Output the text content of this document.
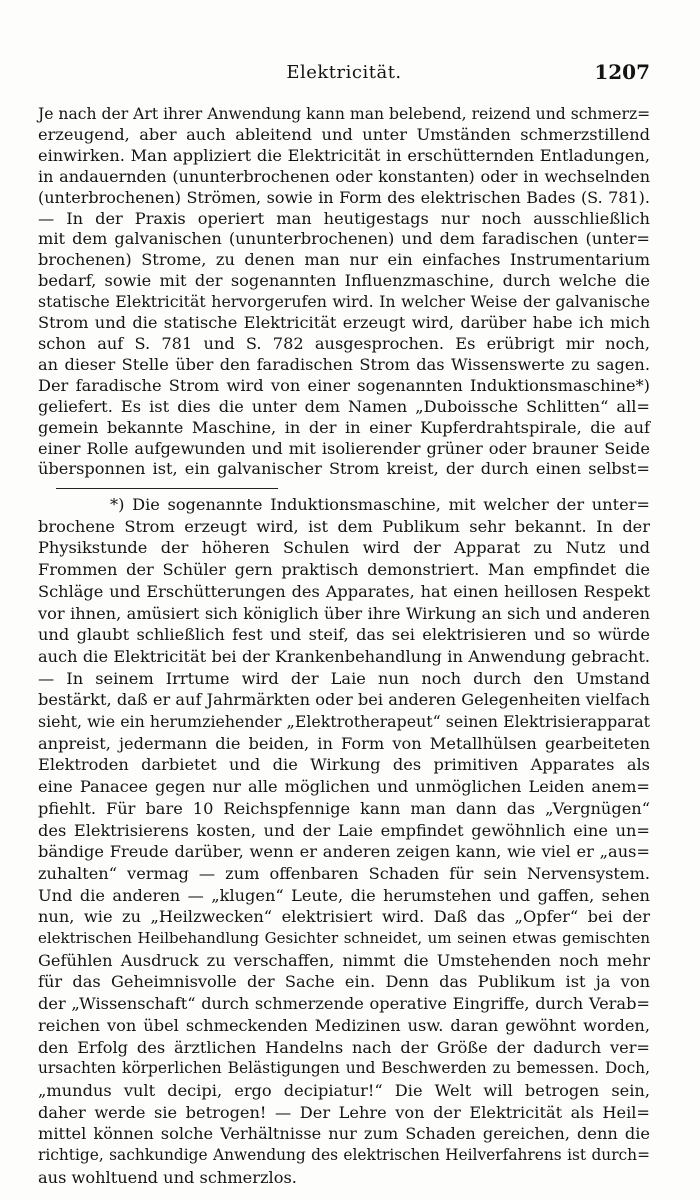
Elektricität.	1207
Je nach der Art ihrer Anwendung kann man belebend, reizend und schmerz=
erzeugend, aber auch ableitend und unter Umständen schmerzstillend
einwirken. Man appliziert die Elektricität in erschütternden Entladungen,
in andauernden (ununterbrochenen oder konstanten) oder in wechselnden
(unterbrochenen) Strömen, sowie in Form des elektrischen Bades (S. 781).
— In der Praxis operiert man heutigestags nur noch ausschließlich
mit dem galvanischen (ununterbrochenen) und dem faradischen (unter=
brochenen) Strome, zu denen man nur ein einfaches Instrumentarium
bedarf, sowie mit der sogenannten Influenzmaschine, durch welche die
statische Elektricität hervorgerufen wird. In welcher Weise der galvanische
Strom und die statische Elektricität erzeugt wird, darüber habe ich mich
schon auf S. 781 und S. 782 ausgesprochen. Es erübrigt mir noch,
an dieser Stelle über den faradischen Strom das Wissenswerte zu sagen.
Der faradische Strom wird von einer sogenannten Induktionsmaschine*)
geliefert. Es ist dies die unter dem Namen „Duboissche Schlitten“ all=
gemein bekannte Maschine, in der in einer Kupferdrahtspirale, die auf
einer Rolle aufgewunden und mit isolierender grüner oder brauner Seide
übersponnen ist, ein galvanischer Strom kreist, der durch einen selbst=
*) Die sogenannte Induktionsmaschine, mit welcher der unter=
brochene Strom erzeugt wird, ist dem Publikum sehr bekannt. In der
Physikstunde der höheren Schulen wird der Apparat zu Nutz und
Frommen der Schüler gern praktisch demonstriert. Man empfindet die
Schläge und Erschütterungen des Apparates, hat einen heillosen Respekt
vor ihnen, amüsiert sich königlich über ihre Wirkung an sich und anderen
und glaubt schließlich fest und steif, das sei elektrisieren und so würde
auch die Elektricität bei der Krankenbehandlung in Anwendung gebracht.
— In seinem Irrtume wird der Laie nun noch durch den Umstand
bestärkt, daß er auf Jahrmärkten oder bei anderen Gelegenheiten vielfach
sieht, wie ein herumziehender „Elektrotherapeut“ seinen Elektrisierapparat
anpreist, jedermann die beiden, in Form von Metallhülsen gearbeiteten
Elektroden darbietet und die Wirkung des primitiven Apparates als
eine Panacee gegen nur alle möglichen und unmöglichen Leiden anem=
pfiehlt. Für bare 10 Reichspfennige kann man dann das „Vergnügen“
des Elektrisierens kosten, und der Laie empfindet gewöhnlich eine un=
bändige Freude darüber, wenn er anderen zeigen kann, wie viel er „aus=
zuhalten“ vermag — zum offenbaren Schaden für sein Nervensystem.
Und die anderen — „klugen“ Leute, die herumstehen und gaffen, sehen
nun, wie zu „Heilzwecken“ elektrisiert wird. Daß das „Opfer“ bei der
elektrischen Heilbehandlung Gesichter schneidet, um seinen etwas gemischten
Gefühlen Ausdruck zu verschaffen, nimmt die Umstehenden noch mehr
für das Geheimnisvolle der Sache ein. Denn das Publikum ist ja von
der „Wissenschaft“ durch schmerzende operative Eingriffe, durch Verab=
reichen von übel schmeckenden Medizinen usw. daran gewöhnt worden,
den Erfolg des ärztlichen Handelns nach der Größe der dadurch ver=
ursachten körperlichen Belästigungen und Beschwerden zu bemessen. Doch,
„mundus vult decipi, ergo decipiatur!“ Die Welt will betrogen sein,
daher werde sie betrogen! — Der Lehre von der Elektricität als Heil=
mittel können solche Verhältnisse nur zum Schaden gereichen, denn die
richtige, sachkundige Anwendung des elektrischen Heilverfahrens ist durch=
aus wohltuend und schmerzlos.
